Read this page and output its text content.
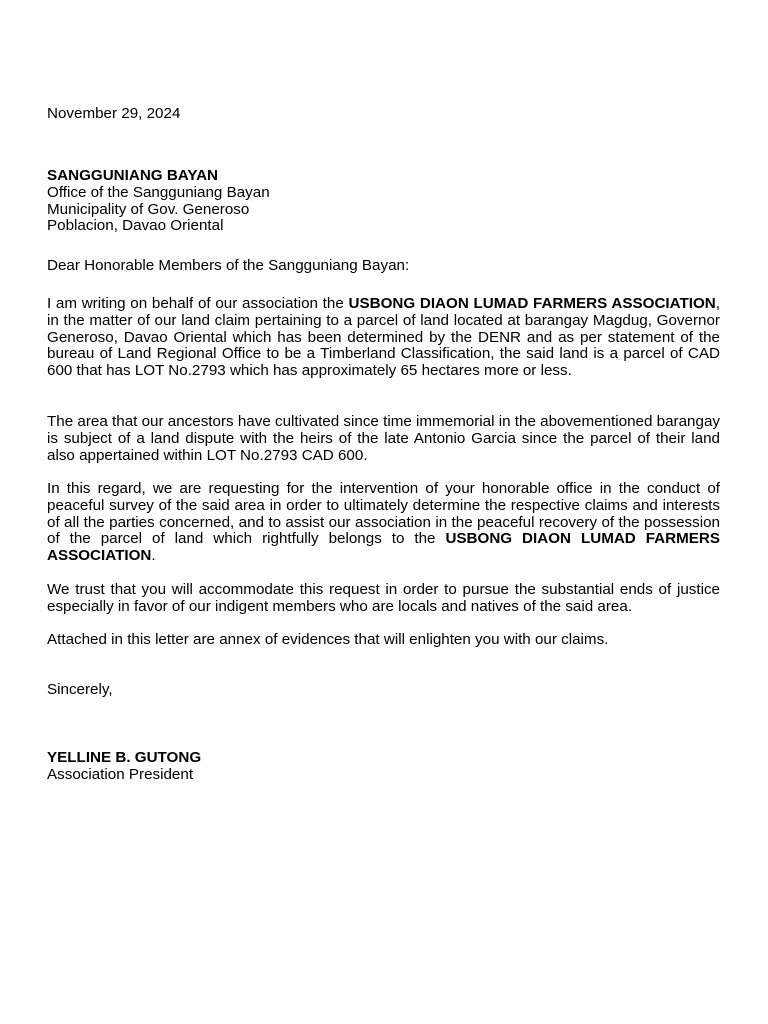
November 29, 2024
SANGGUNIANG BAYAN
Office of the Sangguniang Bayan
Municipality of Gov. Generoso
Poblacion, Davao Oriental
Dear Honorable Members of the Sangguniang Bayan:
I am writing on behalf of our association the USBONG DIAON LUMAD FARMERS ASSOCIATION, in the matter of our land claim pertaining to a parcel of land located at barangay Magdug, Governor Generoso, Davao Oriental which has been determined by the DENR and as per statement of the bureau of Land Regional Office to be a Timberland Classification, the said land is a parcel of CAD 600 that has LOT No.2793 which has approximately 65 hectares more or less.
The area that our ancestors have cultivated since time immemorial in the abovementioned barangay is subject of a land dispute with the heirs of the late Antonio Garcia since the parcel of their land also appertained within LOT No.2793 CAD 600.
In this regard, we are requesting for the intervention of your honorable office in the conduct of peaceful survey of the said area in order to ultimately determine the respective claims and interests of all the parties concerned, and to assist our association in the peaceful recovery of the possession of the parcel of land which rightfully belongs to the USBONG DIAON LUMAD FARMERS ASSOCIATION.
We trust that you will accommodate this request in order to pursue the substantial ends of justice especially in favor of our indigent members who are locals and natives of the said area.
Attached in this letter are annex of evidences that will enlighten you with our claims.
Sincerely,
YELLINE B. GUTONG
Association President
